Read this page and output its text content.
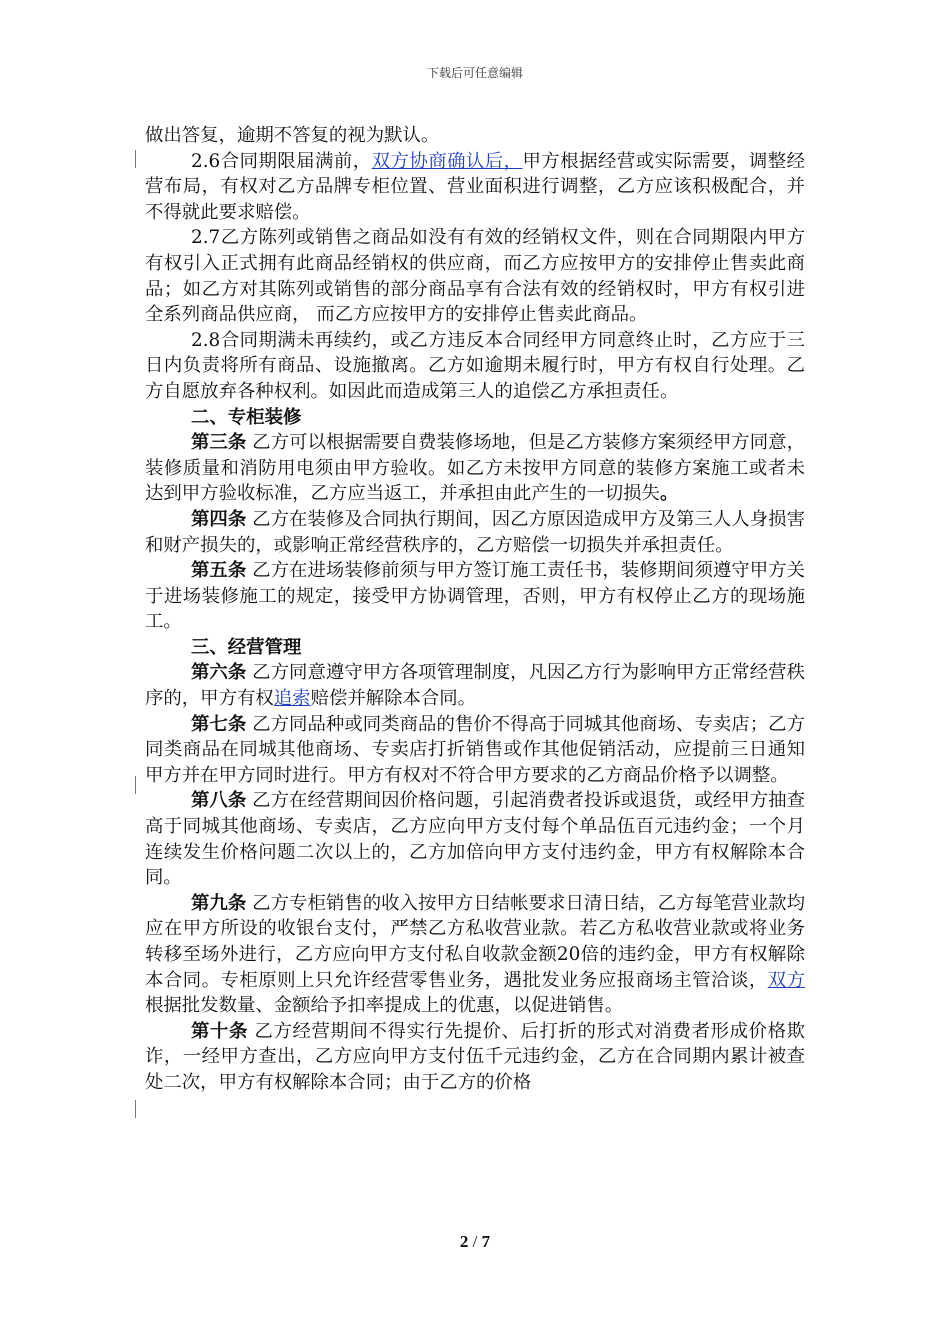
下载后可任意编辑

做出答复，逾期不答复的视为默认。

2.6合同期限届满前，双方协商确认后，甲方根据经营或实际需要，调整经营布局，有权对乙方品牌专柜位置、营业面积进行调整，乙方应该积极配合，并不得就此要求赔偿。

2.7乙方陈列或销售之商品如没有有效的经销权文件，则在合同期限内甲方有权引入正式拥有此商品经销权的供应商，而乙方应按甲方的安排停止售卖此商品；如乙方对其陈列或销售的部分商品享有合法有效的经销权时，甲方有权引进全系列商品供应商， 而乙方应按甲方的安排停止售卖此商品。

2.8合同期满未再续约，或乙方违反本合同经甲方同意终止时，乙方应于三日内负责将所有商品、设施撤离。乙方如逾期未履行时，甲方有权自行处理。乙方自愿放弃各种权利。如因此而造成第三人的追偿乙方承担责任。

二、专柜装修

第三条 乙方可以根据需要自费装修场地，但是乙方装修方案须经甲方同意，装修质量和消防用电须由甲方验收。如乙方未按甲方同意的装修方案施工或者未达到甲方验收标准，乙方应当返工，并承担由此产生的一切损失。

第四条 乙方在装修及合同执行期间，因乙方原因造成甲方及第三人人身损害和财产损失的，或影响正常经营秩序的，乙方赔偿一切损失并承担责任。

第五条 乙方在进场装修前须与甲方签订施工责任书，装修期间须遵守甲方关于进场装修施工的规定，接受甲方协调管理，否则，甲方有权停止乙方的现场施工。

三、经营管理

第六条 乙方同意遵守甲方各项管理制度，凡因乙方行为影响甲方正常经营秩序的，甲方有权追索赔偿并解除本合同。

第七条 乙方同品种或同类商品的售价不得高于同城其他商场、专卖店；乙方同类商品在同城其他商场、专卖店打折销售或作其他促销活动，应提前三日通知甲方并在甲方同时进行。甲方有权对不符合甲方要求的乙方商品价格予以调整。

第八条 乙方在经营期间因价格问题，引起消费者投诉或退货，或经甲方抽查高于同城其他商场、专卖店，乙方应向甲方支付每个单品伍百元违约金；一个月连续发生价格问题二次以上的，乙方加倍向甲方支付违约金，甲方有权解除本合同。

第九条 乙方专柜销售的收入按甲方日结帐要求日清日结，乙方每笔营业款均应在甲方所设的收银台支付，严禁乙方私收营业款。若乙方私收营业款或将业务转移至场外进行，乙方应向甲方支付私自收款金额20倍的违约金，甲方有权解除本合同。专柜原则上只允许经营零售业务，遇批发业务应报商场主管洽谈，双方根据批发数量、金额给予扣率提成上的优惠，以促进销售。

第十条 乙方经营期间不得实行先提价、后打折的形式对消费者形成价格欺诈，一经甲方查出，乙方应向甲方支付伍千元违约金，乙方在合同期内累计被查处二次，甲方有权解除本合同；由于乙方的价格

2 / 7
